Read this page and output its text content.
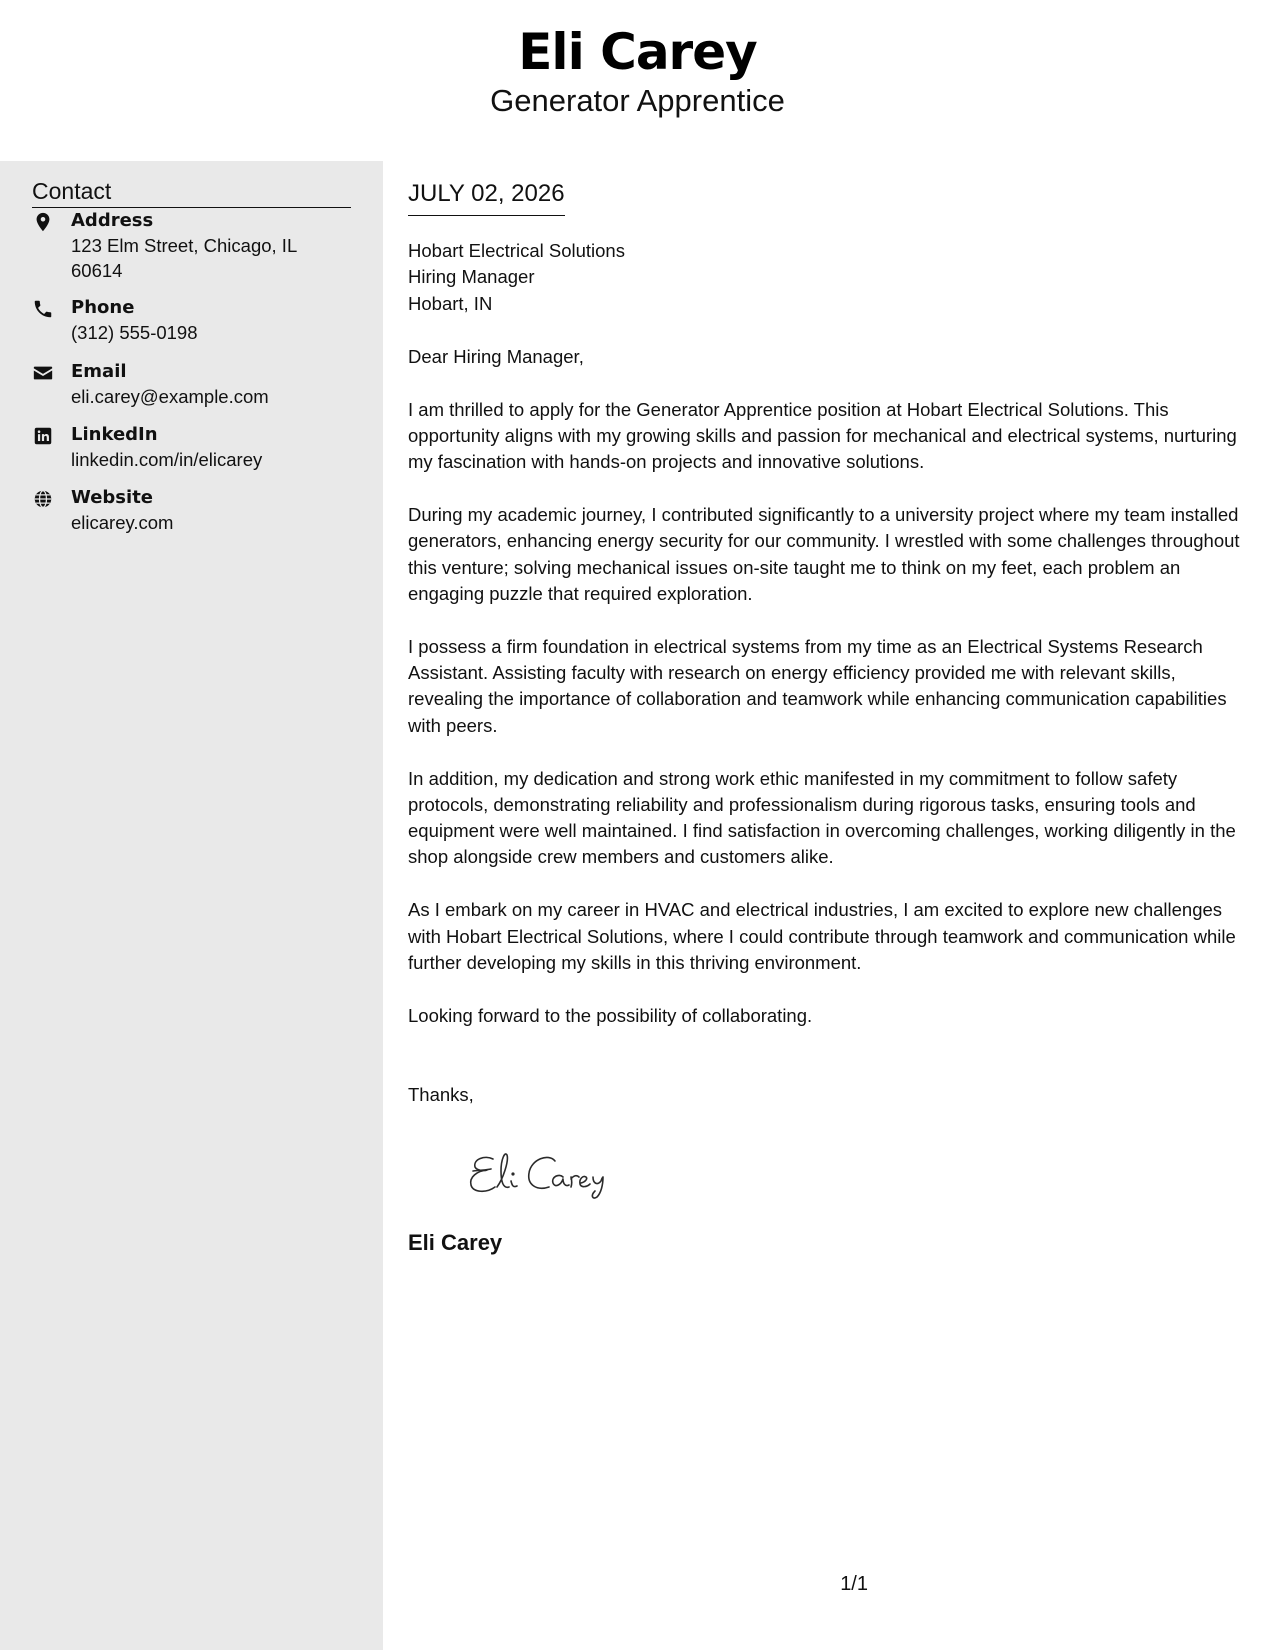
Eli Carey
Generator Apprentice
Contact
Address
123 Elm Street, Chicago, IL 60614
Phone
(312) 555-0198
Email
eli.carey@example.com
LinkedIn
linkedin.com/in/elicarey
Website
elicarey.com
JULY 02, 2026
Hobart Electrical Solutions
Hiring Manager
Hobart, IN

Dear Hiring Manager,

I am thrilled to apply for the Generator Apprentice position at Hobart Electrical Solutions. This opportunity aligns with my growing skills and passion for mechanical and electrical systems, nurturing my fascination with hands-on projects and innovative solutions.

During my academic journey, I contributed significantly to a university project where my team installed generators, enhancing energy security for our community. I wrestled with some challenges throughout this venture; solving mechanical issues on-site taught me to think on my feet, each problem an engaging puzzle that required exploration.

I possess a firm foundation in electrical systems from my time as an Electrical Systems Research Assistant. Assisting faculty with research on energy efficiency provided me with relevant skills, revealing the importance of collaboration and teamwork while enhancing communication capabilities with peers.

In addition, my dedication and strong work ethic manifested in my commitment to follow safety protocols, demonstrating reliability and professionalism during rigorous tasks, ensuring tools and equipment were well maintained. I find satisfaction in overcoming challenges, working diligently in the shop alongside crew members and customers alike.

As I embark on my career in HVAC and electrical industries, I am excited to explore new challenges with Hobart Electrical Solutions, where I could contribute through teamwork and communication while further developing my skills in this thriving environment.

Looking forward to the possibility of collaborating.

Thanks,
Eli Carey
1/1
